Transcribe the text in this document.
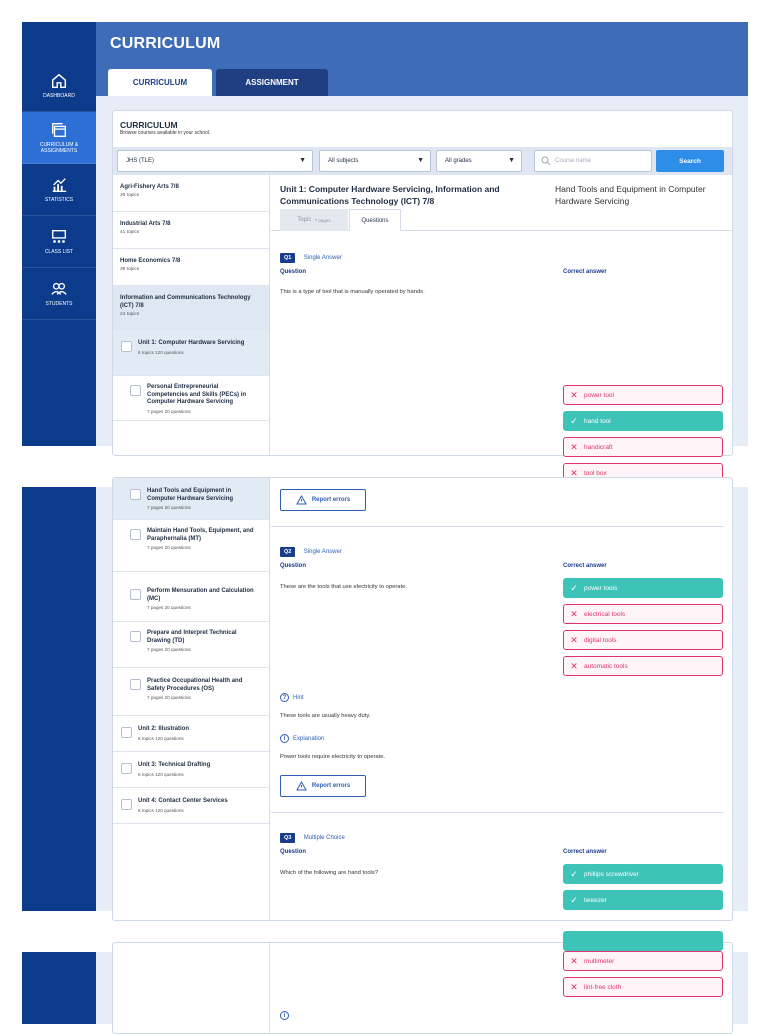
DASHBOARD
CURRICULUM & ASSIGNMENTS
STATISTICS
CLASS LIST
STUDENTS
CURRICULUM
CURRICULUM	ASSIGNMENT
CURRICULUM
Browse courses available in your school.
JHS (TLE)	▼	All subjects	▼	All grades	▼	Course name	Search
Agri-Fishery Arts 7/8
25 topics
Industrial Arts 7/8
41 topics
Home Economics 7/8
39 topics
Information and Communications Technology (ICT) 7/8
24 topics
Unit 1: Computer Hardware Servicing
6 topics 120 questions
Personal Entrepreneurial Competencies and Skills (PECs) in Computer Hardware Servicing
7 pages 20 questions
Unit 1: Computer Hardware Servicing, Information and Communications Technology (ICT) 7/8
Hand Tools and Equipment in Computer Hardware Servicing
Topic
7 pages	Questions
Q1 Single Answer
Question	Correct answer
This is a type of tool that is manually operated by hands.
✕ power tool
✓ hand tool
✕ handicraft
✕ tool box
Hand Tools and Equipment in Computer Hardware Servicing
7 pages 20 questions
Maintain Hand Tools, Equipment, and Paraphernalia (MT)
7 pages 20 questions
Perform Mensuration and Calculation (MC)
7 pages 20 questions
Prepare and Interpret Technical Drawing (TD)
7 pages 20 questions
Practice Occupational Health and Safety Procedures (OS)
7 pages 20 questions
Unit 2: Illustration
6 topics 120 questions
Unit 3: Technical Drafting
6 topics 120 questions
Unit 4: Contact Center Services
6 topics 120 questions
Report errors
Q2 Single Answer
Question	Correct answer
These are the tools that use electricity to operate.	✓ power tools
✕ electrical tools
✕ digital tools
✕ automatic tools
?	Hint
These tools are usually heavy duty.
i	Explanation
Power tools require electricity to operate.
Report errors
Q3 Multiple Choice
Question	Correct answer
Which of the following are hand tools?	✓ phillips screwdriver
✓ tweezer
✕ multimeter
✕ lint-free cloth
i
